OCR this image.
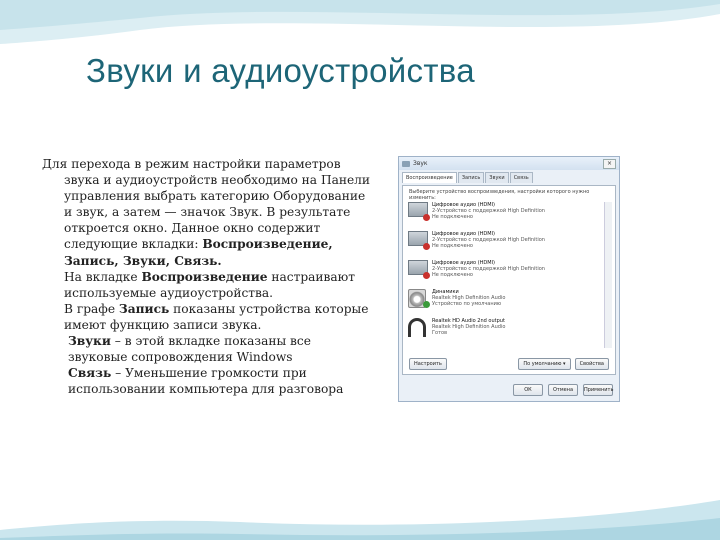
Звуки и аудиоустройства
Для перехода в режим настройки параметров звука и аудиоустройств необходимо на Панели управления выбрать категорию Оборудование и звук, а затем — значок Звук. В результате откроется окно. Данное окно содержит следующие вкладки: Воспроизведение, Запись, Звуки, Связь.
На вкладке Воспроизведение настраивают используемые аудиоустройства.
В графе Запись показаны устройства которые имеют функцию записи звука.
Звуки – в этой вкладке показаны все звуковые сопровождения Windows
Связь – Уменьшение громкости при использовании компьютера для разговора
Звук	×
Воспроизведение	Запись	Звуки	Связь
Выберите устройство воспроизведения, настройки которого нужно изменить:
Цифровое аудио (HDMI)
2-Устройство с поддержкой High Definition
Не подключено
Цифровое аудио (HDMI)
2-Устройство с поддержкой High Definition
Не подключено
Цифровое аудио (HDMI)
2-Устройство с поддержкой High Definition
Не подключено
Динамики
Realtek High Definition Audio
Устройство по умолчанию
Realtek HD Audio 2nd output
Realtek High Definition Audio
Готов
Настроить	По умолчанию ▾	Свойства
ОК	Отмена	Применить
